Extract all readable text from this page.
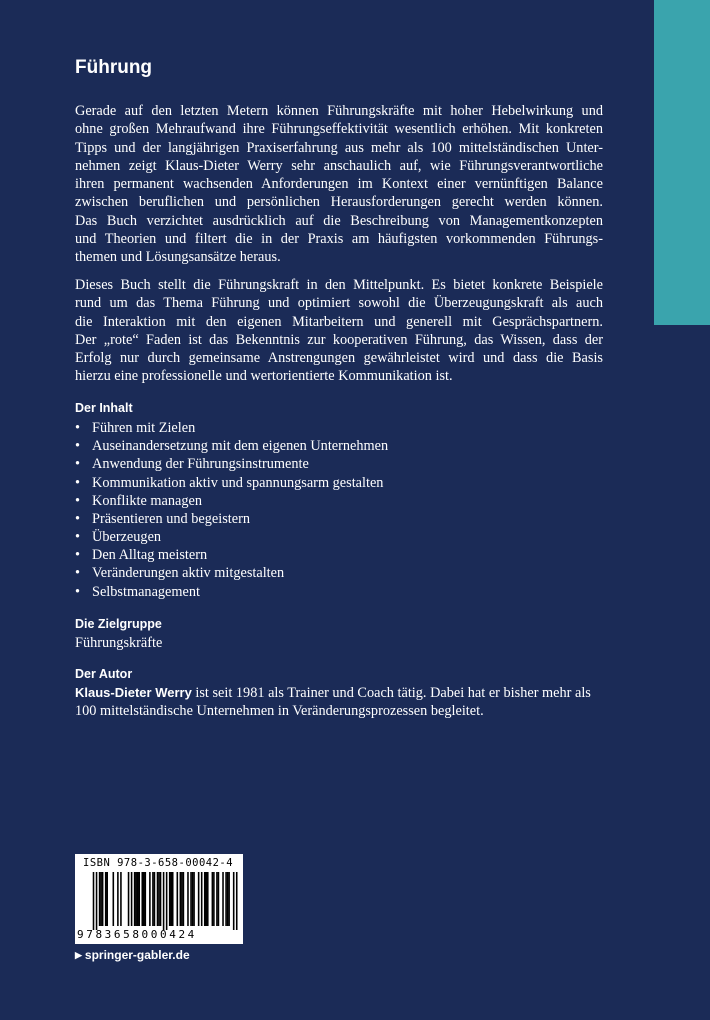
Führung
Gerade auf den letzten Metern können Führungskräfte mit hoher Hebelwirkung und
ohne großen Mehraufwand ihre Führungseffektivität wesentlich erhöhen. Mit konkreten
Tipps und der langjährigen Praxiserfahrung aus mehr als 100 mittelständischen Unter-
nehmen zeigt Klaus-Dieter Werry sehr anschaulich auf, wie Führungsverantwortliche
ihren permanent wachsenden Anforderungen im Kontext einer vernünftigen Balance
zwischen beruflichen und persönlichen Herausforderungen gerecht werden können.
Das Buch verzichtet ausdrücklich auf die Beschreibung von Managementkonzepten
und Theorien und filtert die in der Praxis am häufigsten vorkommenden Führungs-
themen und Lösungsansätze heraus.
Dieses Buch stellt die Führungskraft in den Mittelpunkt. Es bietet konkrete Beispiele
rund um das Thema Führung und optimiert sowohl die Überzeugungskraft als auch
die Interaktion mit den eigenen Mitarbeitern und generell mit Gesprächspartnern.
Der „rote“ Faden ist das Bekenntnis zur kooperativen Führung, das Wissen, dass der
Erfolg nur durch gemeinsame Anstrengungen gewährleistet wird und dass die Basis
hierzu eine professionelle und wertorientierte Kommunikation ist.
Der Inhalt
• Führen mit Zielen
• Auseinandersetzung mit dem eigenen Unternehmen
• Anwendung der Führungsinstrumente
• Kommunikation aktiv und spannungsarm gestalten
• Konflikte managen
• Präsentieren und begeistern
• Überzeugen
• Den Alltag meistern
• Veränderungen aktiv mitgestalten
• Selbstmanagement
Die Zielgruppe
Führungskräfte
Der Autor
Klaus-Dieter Werry ist seit 1981 als Trainer und Coach tätig. Dabei hat er bisher mehr als
100 mittelständische Unternehmen in Veränderungsprozessen begleitet.
ISBN 978-3-658-00042-4
9783658000424
▶ springer-gabler.de
